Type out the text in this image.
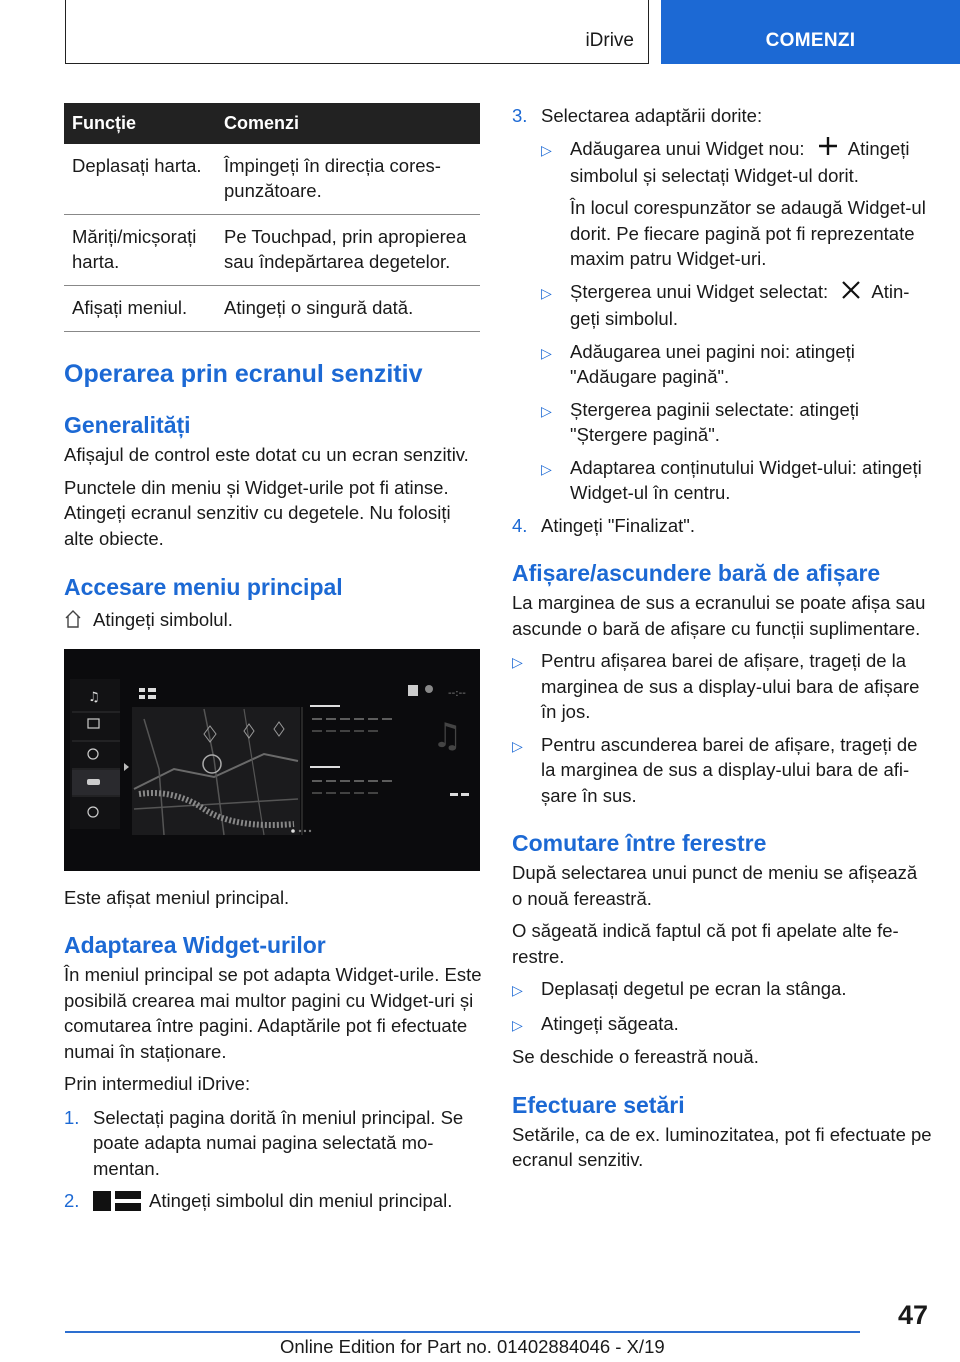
iDrive	COMENZI
Funcție	Comenzi
Deplasați harta.	Împingeți în direcția corespunzătoare.
Măriți/micșorați harta.	Pe Touchpad, prin apropierea sau îndepărtarea degetelor.
Afișați meniul.	Atingeți o singură dată.
Operarea prin ecranul senzitiv
Generalități
Afișajul de control este dotat cu un ecran senzitiv.
Punctele din meniu și Widget-urile pot fi atinse. Atingeți ecranul senzitiv cu degetele. Nu folosiți alte obiecte.
Accesare meniu principal
Atingeți simbolul.
♫	--:--
♫
Este afișat meniul principal.
Adaptarea Widget-urilor
În meniul principal se pot adapta Widget-urile. Este posibilă crearea mai multor pagini cu Widget-uri și comutarea între pagini. Adaptările pot fi efectuate numai în staționare.
Prin intermediul iDrive:
1. Selectați pagina dorită în meniul principal. Se poate adapta numai pagina selectată momentan.
2.	Atingeți simbolul din meniul principal.
3. Selectarea adaptării dorite:
▷ Adăugarea unui Widget nou: Atingeți simbolul și selectați Widget-ul dorit.
În locul corespunzător se adaugă Widget-ul dorit. Pe fiecare pagină pot fi reprezentate maxim patru Widget-uri.
▷ Ștergerea unui Widget selectat: Atingeți simbolul.
▷ Adăugarea unei pagini noi: atingeți "Adăugare pagină".
▷ Ștergerea paginii selectate: atingeți "Ștergere pagină".
▷ Adaptarea conținutului Widget-ului: atingeți Widget-ul în centru.
4. Atingeți "Finalizat".
Afișare/ascundere bară de afișare
La marginea de sus a ecranului se poate afișa sau ascunde o bară de afișare cu funcții suplimentare.
▷ Pentru afișarea barei de afișare, trageți de la marginea de sus a display-ului bara de afișare în jos.
▷ Pentru ascunderea barei de afișare, trageți de la marginea de sus a display-ului bara de afișare în sus.
Comutare între ferestre
După selectarea unui punct de meniu se afișează o nouă fereastră.
O săgeată indică faptul că pot fi apelate alte ferestre.
▷ Deplasați degetul pe ecran la stânga.
▷ Atingeți săgeata.
Se deschide o fereastră nouă.
Efectuare setări
Setările, ca de ex. luminozitatea, pot fi efectuate pe ecranul senzitiv.
47
Online Edition for Part no. 01402884046 - X/19
